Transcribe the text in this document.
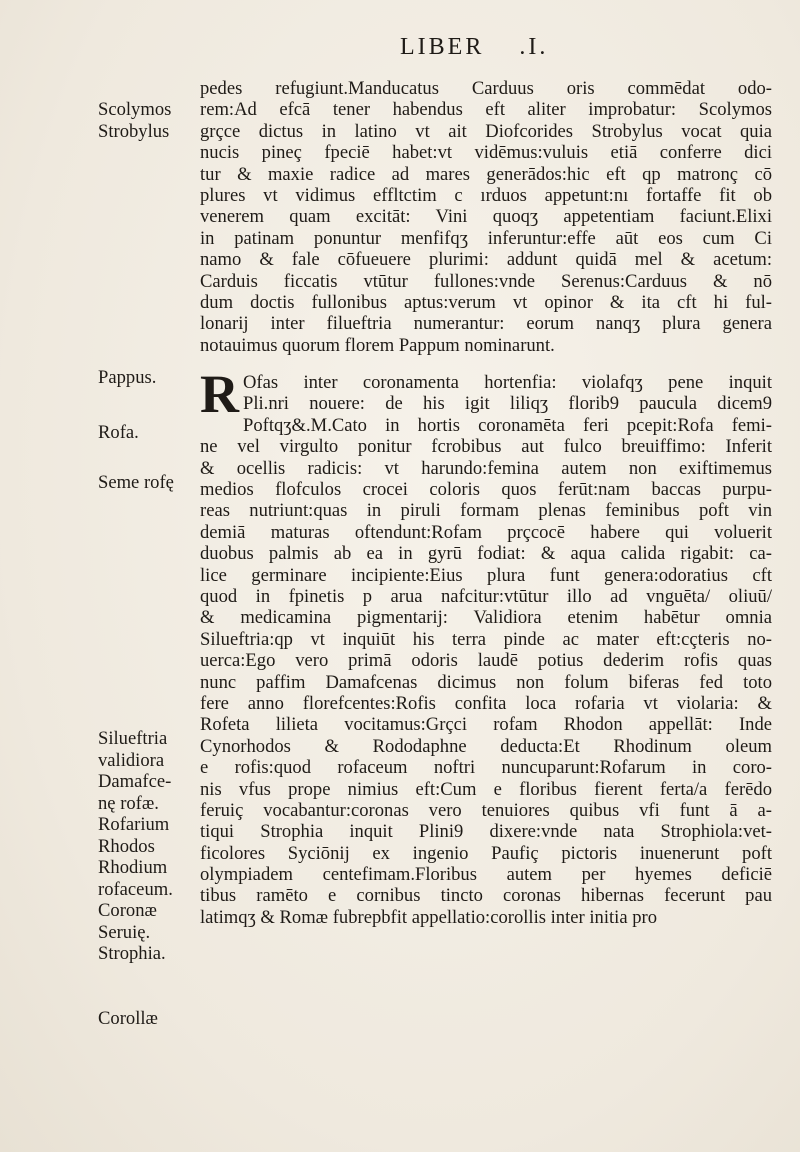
LIBER .I.
Scolymos
Strobylus
Pappus.
Rofa.
Seme rofę
Silueftria
validiora
Damafce-
nę rofæ.
Rofarium
Rhodos
Rhodium
rofaceum.
Coronæ
Seruię.
Strophia.
Corollæ
pedes refugiunt.Manducatus Carduus oris commēdat odo-
rem:Ad efcā tener habendus eft aliter improbatur: Scolymos
grçce dictus in latino vt ait Diofcorides Strobylus vocat quia
nucis pineç fpeciē habet:vt vidēmus:vuluis etiā conferre dici
tur & maxie radice ad mares generādos:hic eft qp matronç cō
plures vt vidimus effltctim c ırduos appetunt:nı fortaffe fit ob
venerem quam excitāt: Vini quoqʒ appetentiam faciunt.Elixi
in patinam ponuntur menfifqʒ inferuntur:effe aūt eos cum Ci
namo & fale cōfueuere plurimi: addunt quidā mel & acetum:
Carduis ficcatis vtūtur fullones:vnde Serenus:Carduus & nō
dum doctis fullonibus aptus:verum vt opinor & ita cft hi ful-
lonarij inter filueftria numerantur: eorum nanqʒ plura genera
notauimus quorum florem Pappum nominarunt.
R Ofas inter coronamenta hortenfia: violafqʒ pene inquit
Pli.nri nouere: de his igit liliqʒ florib9 paucula dicem9
Poftqʒ&.M.Cato in hortis coronamēta feri pcepit:Rofa femi-
ne vel virgulto ponitur fcrobibus aut fulco breuiffimo: Inferit
& ocellis radicis: vt harundo:femina autem non exiftimemus
medios flofculos crocei coloris quos ferūt:nam baccas purpu-
reas nutriunt:quas in piruli formam plenas feminibus poft vin
demiā maturas oftendunt:Rofam prçcocē habere qui voluerit
duobus palmis ab ea in gyrū fodiat: & aqua calida rigabit: ca-
lice germinare incipiente:Eius plura funt genera:odoratius cft
quod in fpinetis p arua nafcitur:vtūtur illo ad vnguēta/ oliuū/
& medicamina pigmentarij: Validiora etenim habētur omnia
Silueftria:qp vt inquiūt his terra pinde ac mater eft:cçteris no-
uerca:Ego vero primā odoris laudē potius dederim rofis quas
nunc paffim Damafcenas dicimus non folum biferas fed toto
fere anno florefcentes:Rofis confita loca rofaria vt violaria: &
Rofeta lilieta vocitamus:Grçci rofam Rhodon appellāt: Inde
Cynorhodos & Rododaphne deducta:Et Rhodinum oleum
e rofis:quod rofaceum noftri nuncuparunt:Rofarum in coro-
nis vfus prope nimius eft:Cum e floribus fierent ferta/a ferēdo
feruiç vocabantur:coronas vero tenuiores quibus vfi funt ā a-
tiqui Strophia inquit Plini9 dixere:vnde nata Strophiola:vet-
ficolores Syciōnij ex ingenio Paufiç pictoris inuenerunt poft
olympiadem centefimam.Floribus autem per hyemes deficiē
tibus ramēto e cornibus tincto coronas hibernas fecerunt pau
latimqʒ & Romæ fubrepbfit appellatio:corollis inter initia pro
